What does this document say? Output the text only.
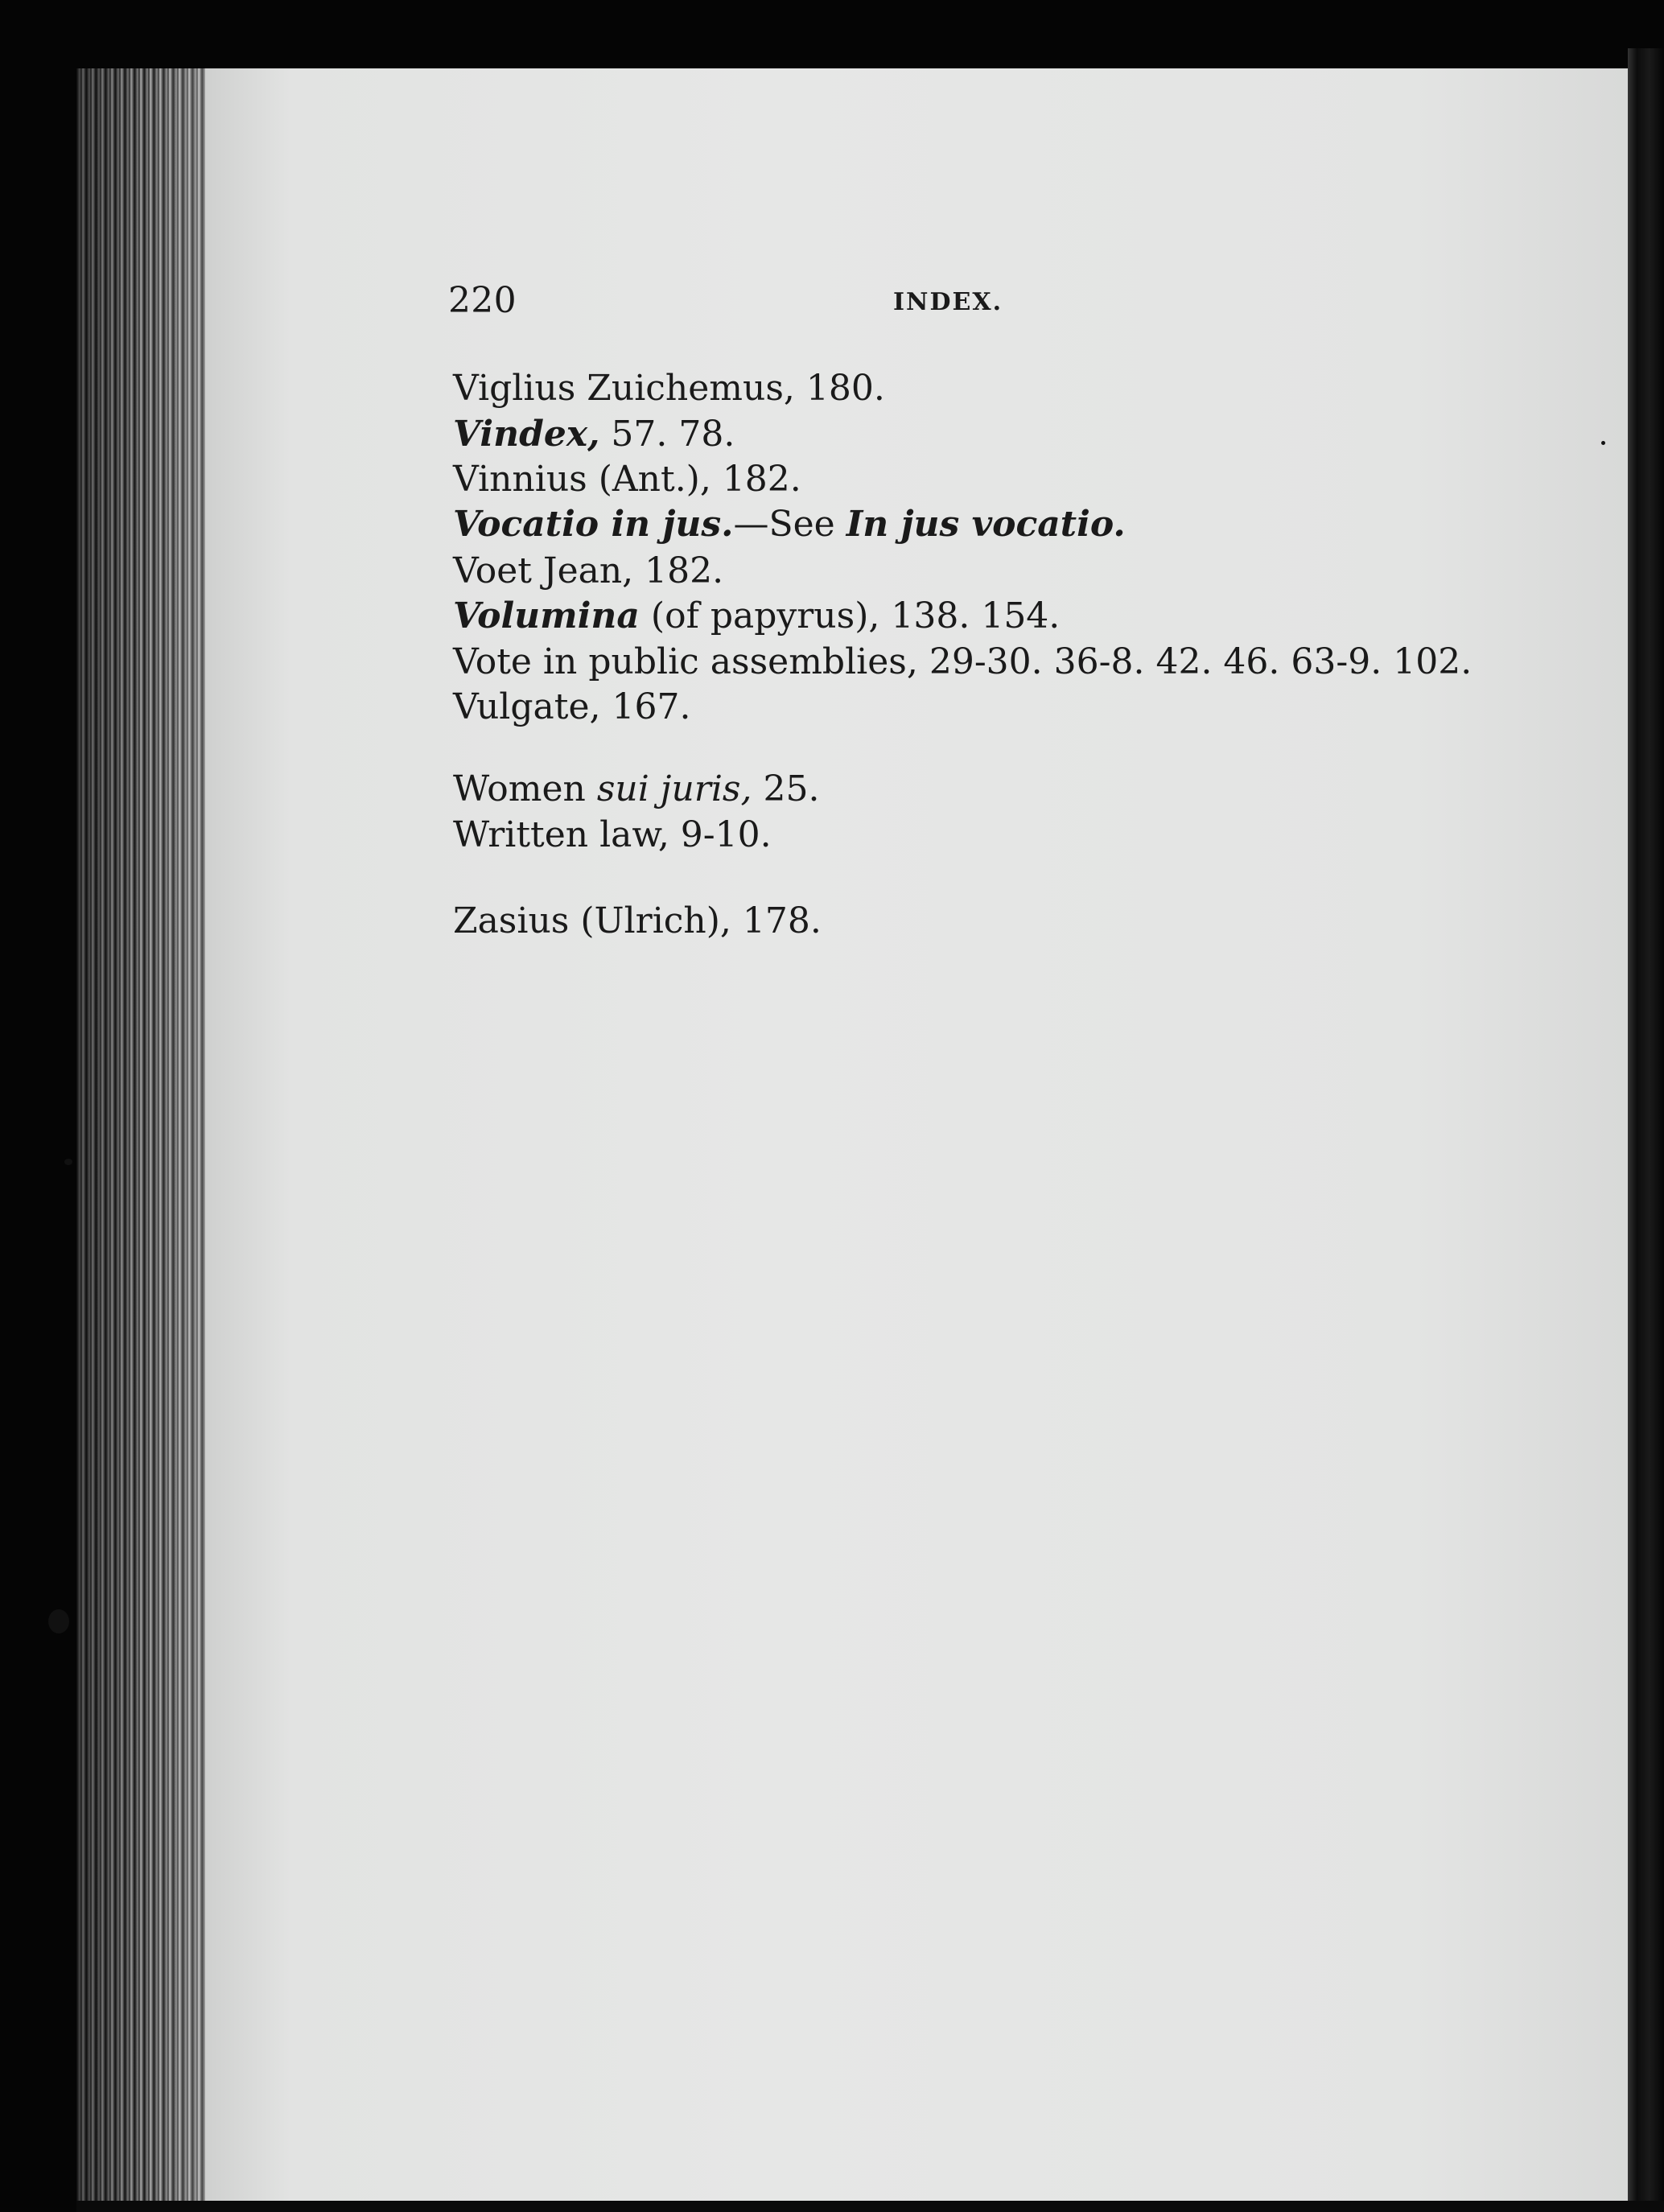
220	INDEX.
Viglius Zuichemus, 180.
Vindex, 57. 78.
Vinnius (Ant.), 182.
Vocatio in jus.—See In jus vocatio.
Voet Jean, 182.
Volumina (of papyrus), 138. 154.
Vote in public assemblies, 29-30. 36-8. 42. 46. 63-9. 102.
Vulgate, 167.
Women sui juris, 25.
Written law, 9-10.
Zasius (Ulrich), 178.
